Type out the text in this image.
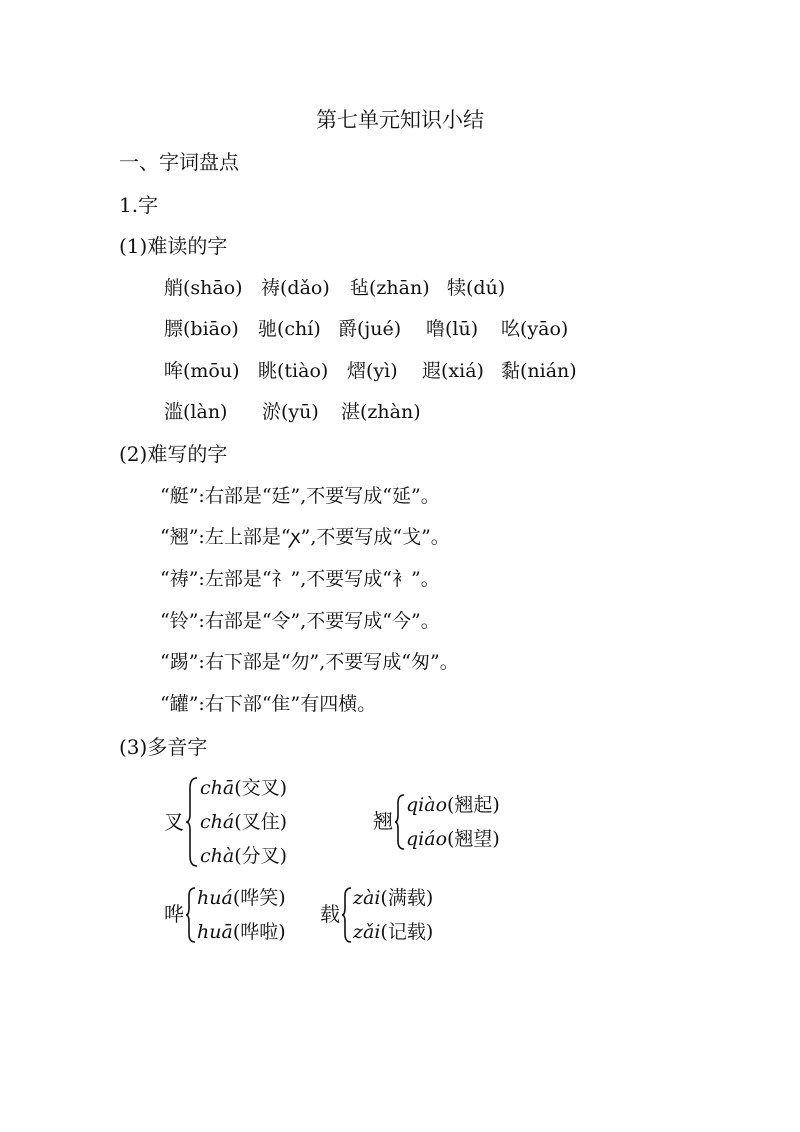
第七单元知识小结
一、字词盘点
1.字
(1)难读的字
艄(shāo) 祷(dǎo) 毡(zhān) 犊(dú)
膘(biāo) 驰(chí) 爵(jué) 噜(lū) 吆(yāo)
哞(mōu) 眺(tiào) 熠(yì) 遐(xiá) 黏(nián)
滥(làn) 淤(yū) 湛(zhàn)
(2)难写的字
“艇”:右部是“廷”,不要写成“延”。
“翘”:左上部是“ꭗ”,不要写成“戈”。
“祷”:左部是“礻”,不要写成“衤”。
“铃”:右部是“令”,不要写成“今”。
“踢”:右下部是“勿”,不要写成“匆”。
“罐”:右下部“隹”有四横。
(3)多音字
叉
chā(交叉)
chá(叉住)
chà(分叉)
翘
qiào(翘起)
qiáo(翘望)
哗
huá(哗笑)
huā(哗啦)
载
zài(满载)
zǎi(记载)
